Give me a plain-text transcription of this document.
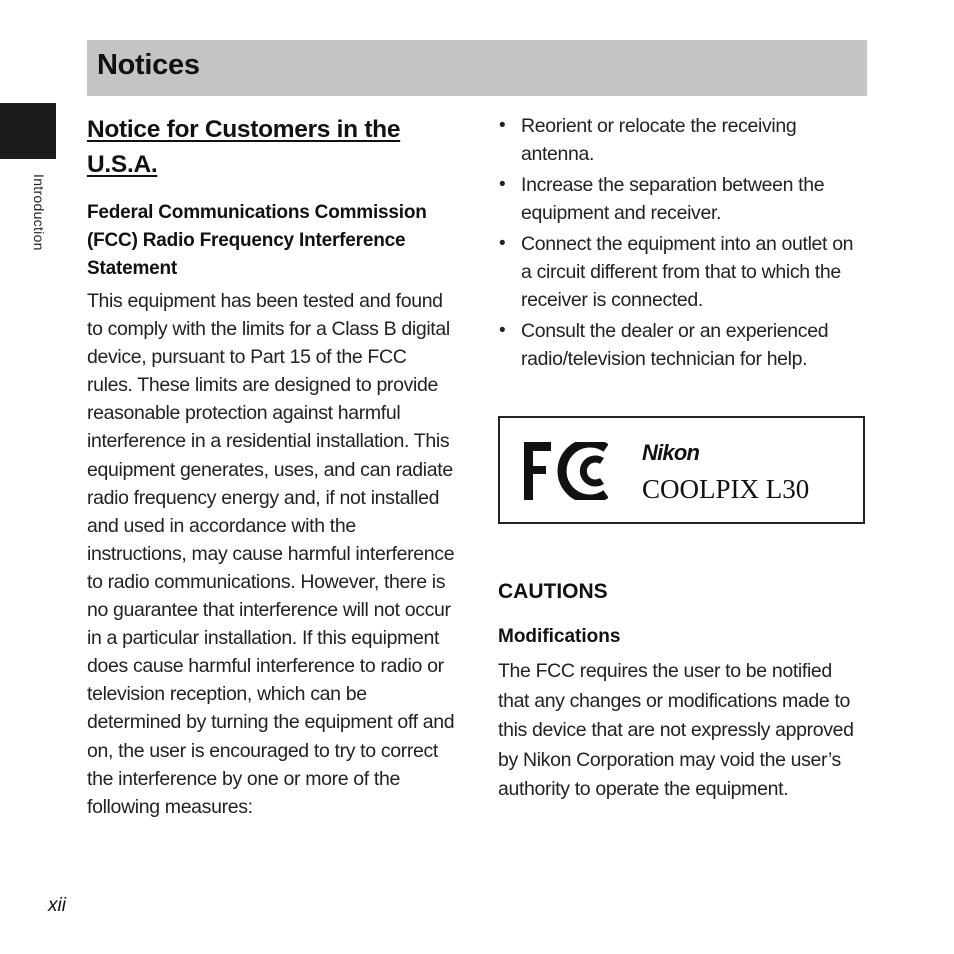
Notices
Introduction
Notice for Customers in the U.S.A.
Federal Communications Commission (FCC) Radio Frequency Interference Statement

This equipment has been tested and found to comply with the limits for a Class B digital device, pursuant to Part 15 of the FCC rules. These limits are designed to provide reasonable protection against harmful interference in a residential installation. This equipment generates, uses, and can radiate radio frequency energy and, if not installed and used in accordance with the instructions, may cause harmful interference to radio communications. However, there is no guarantee that interference will not occur in a particular installation. If this equipment does cause harmful interference to radio or television reception, which can be determined by turning the equipment off and on, the user is encouraged to try to correct the interference by one or more of the following measures:

• Reorient or relocate the receiving antenna.
• Increase the separation between the equipment and receiver.
• Connect the equipment into an outlet on a circuit different from that to which the receiver is connected.
• Consult the dealer or an experienced radio/television technician for help.
Nikon
COOLPIX L30
CAUTIONS
Modifications

The FCC requires the user to be notified that any changes or modifications made to this device that are not expressly approved by Nikon Corporation may void the user’s authority to operate the equipment.

xii
